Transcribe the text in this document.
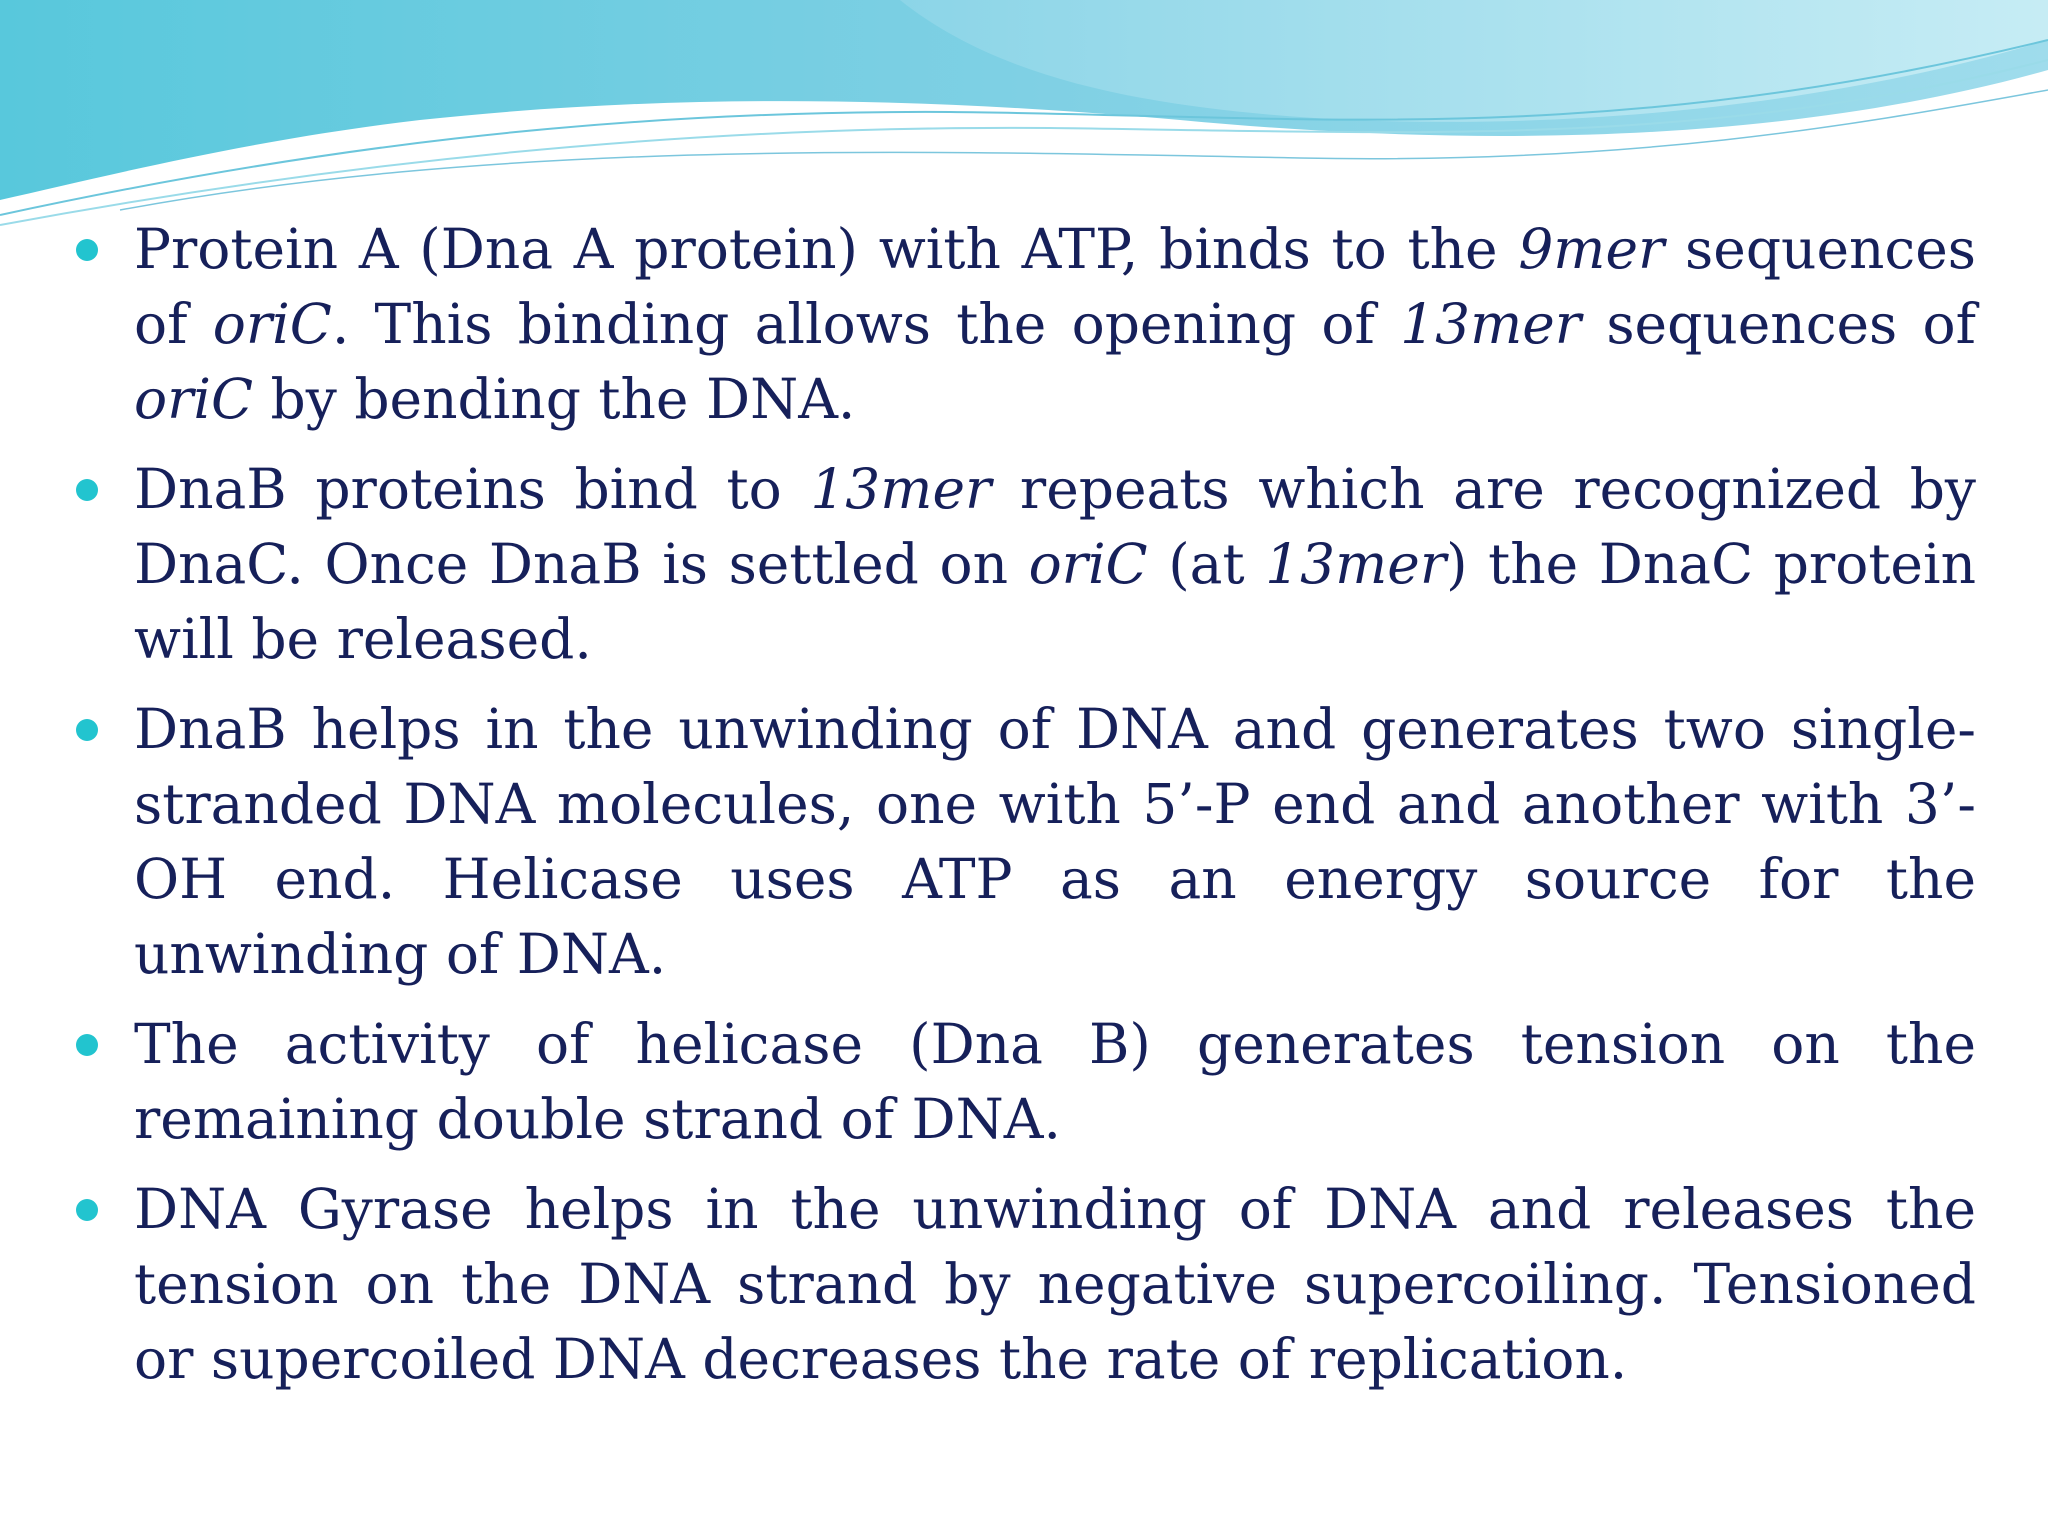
Protein A (Dna A protein) with ATP, binds to the 9mer sequences of oriC. This binding allows the opening of 13mer sequences of oriC by bending the DNA.
DnaB proteins bind to 13mer repeats which are recognized by DnaC. Once DnaB is settled on oriC (at 13mer) the DnaC protein will be released.
DnaB helps in the unwinding of DNA and generates two single-stranded DNA molecules, one with 5’-P end and another with 3’-OH end. Helicase uses ATP as an energy source for the unwinding of DNA.
The activity of helicase (Dna B) generates tension on the remaining double strand of DNA.
DNA Gyrase helps in the unwinding of DNA and releases the tension on the DNA strand by negative supercoiling. Tensioned or supercoiled DNA decreases the rate of replication.
